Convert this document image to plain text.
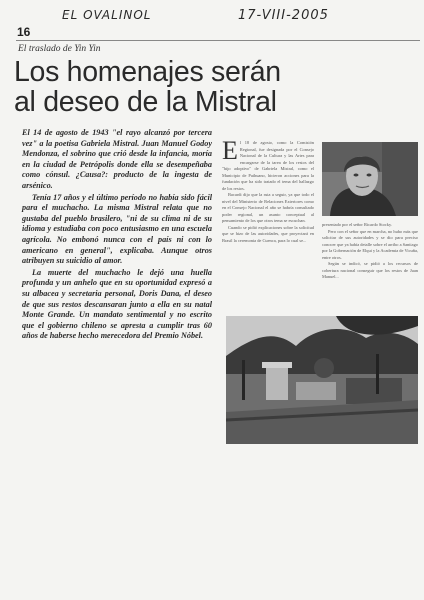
EL OVALINOL	17-VIII-2005
16
El traslado de Yin Yin
Los homenajes serán
al deseo de la Mistral

El 14 de agosto de 1943 "el rayo alcanzó por tercera vez" a la poetisa Gabriela Mistral. Juan Manuel Godoy Mendonza, el sobrino que crió desde la infancia, moría en la ciudad de Petrópolis donde ella se desempeñaba como cónsul. ¿Causa?: producto de la ingesta de arsénico.

Tenía 17 años y el último período no había sido fácil para el muchacho. La misma Mistral relata que no gustaba del pueblo brasilero, "ni de su clima ni de su idioma y estudiaba con poco entusiasmo en una escuela agrícola. No embonó nunca con el país ni con lo americano en general", explicaba. Aunque otros atribuyen su suicidio al amor.

La muerte del muchacho le dejó una huella profunda y un anhelo que en su oportunidad expresó a su albacea y secretaria personal, Doris Dana, el deseo de que sus restos descansaran junto a ella en su natal Monte Grande. Un mandato sentimental y no escrito que el gobierno chileno se apresta a cumplir tras 60 años de haberse hecho merecedora del Premio Nóbel.

E l 18 de agosto, como la Comisión Regional, fue designada por el Consejo Nacional de la Cultura y las Artes para encargarse de la tarea de los restos del "hijo adoptivo" de Gabriela Mistral, como el Municipio de Paihuano, hicieron acciones para la fundación que ha sido tratado el tema del hallazgo de los restos.

Bacardi dijo que la ruta a seguir, ya que todo el nivel del Ministerio de Relaciones Exteriores como en el Consejo Nacional el año se habría consultado poder regional, un asunto conceptual al pensamiento de los que otros tema se escuchan.

Cuando se pidió explicaciones sobre la solicitud que se hizo de las autoridades, que proyectará en Brasil la ceremonia de Cuenca, para lo cual se...

presentado por el señor Ricardo Stocky.

Pero con el señor que en marcha, no hubo más que solicitar de sus autoridades y se dio para preciso conocer que ya había detalle sobre el arribo a Santiago por la Gobernación de Elqui y la Academia de Vicuña, entre otros.

Según se indicó, se pidió a los recursos de cobertura nacional conseguir que los restos de Juan Manuel...
